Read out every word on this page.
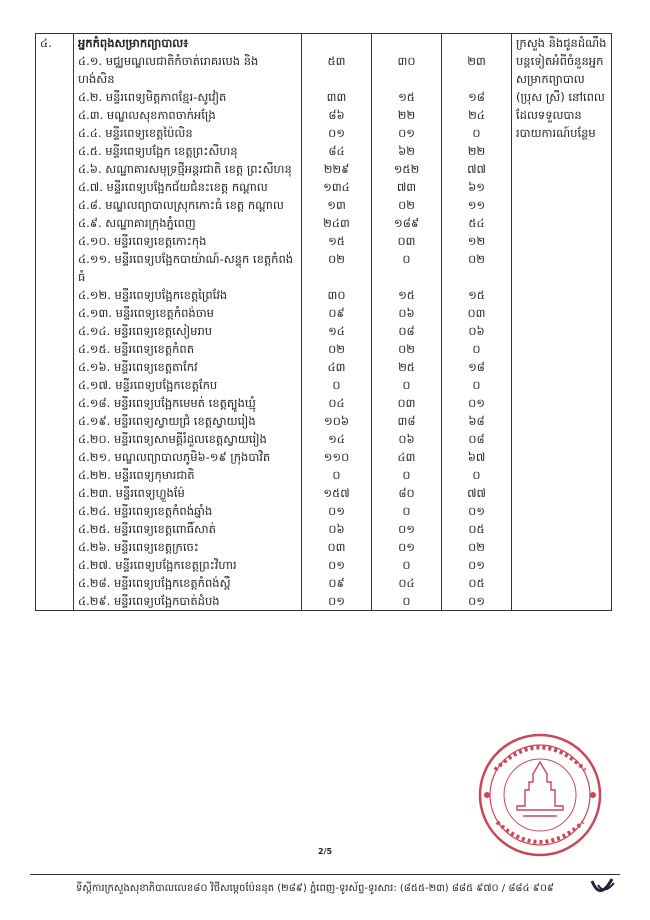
៤.	អ្នកកំពុងសម្រាកព្យាបាល៖				ក្រសួង និងជូនដំណឹងបន្តទៀតអំពីចំនួនអ្នកសម្រាកព្យាបាល (ប្រុស ស្រី) នៅពេលដែលទទួលបានរបាយការណ៍បន្ថែម

	៤.១. មជ្ឈមណ្ឌលជាតិកំចាត់រោគរបេង និង ហង់សិន	៥៣	៣០	២៣	

	៤.២. មន្ទីរពេទ្យមិត្តភាពខ្មែរ-សូវៀត	៣៣	១៥	១៨	

	៤.៣. មណ្ឌលសុខភាពចាក់អង្រែ	៨៦	២២	២៤	

	៤.៤. មន្ទីរពេទ្យខេត្តប៉ៃលិន	០១	០១	០	

	៤.៥. មន្ទីរពេទ្យបង្អែក ខេត្តព្រះសីហនុ	៨៤	៦២	២២	

	៤.៦. សណ្ឋាគារសមុទ្រថ្មីអន្តរជាតិ ខេត្ត ព្រះសីហនុ	២២៩	១៥២	៧៧	

	៤.៧. មន្ទីរពេទ្យបង្អែកជ័យជំនះខេត្ត កណ្ដាល	១៣៤	៧៣	៦១	

	៤.៨. មណ្ឌលព្យាបាលស្រុកកោះធំ ខេត្ត កណ្ដាល	១៣	០២	១១	

	៤.៩. សណ្ឋាគារក្រុងភ្នំពេញ	២៤៣	១៨៩	៥៤	

	៤.១០. មន្ទីរពេទ្យខេត្តកោះកុង	១៥	០៣	១២	

	៤.១១. មន្ទីរពេទ្យបង្អែកបាយ៉ាណ៍-សន្ទុក ខេត្តកំពង់ធំ	០២	០	០២	

	៤.១២. មន្ទីរពេទ្យបង្អែកខេត្តព្រៃវែង	៣០	១៥	១៥	

	៤.១៣. មន្ទីរពេទ្យខេត្តកំពង់ចាម	០៩	០៦	០៣	

	៤.១៤. មន្ទីរពេទ្យខេត្តសៀមរាប	១៤	០៨	០៦	

	៤.១៥. មន្ទីរពេទ្យខេត្តកំពត	០២	០២	០	

	៤.១៦. មន្ទីរពេទ្យខេត្តតាកែវ	៤៣	២៥	១៨	

	៤.១៧. មន្ទីរពេទ្យបង្អែកខេត្តកែប	០	០	០	

	៤.១៨. មន្ទីរពេទ្យបង្អែកមេមត់ ខេត្តត្បូងឃ្មុំ	០៤	០៣	០១	

	៤.១៩. មន្ទីរពេទ្យស្វាយជ្រំ ខេត្តស្វាយរៀង	១០៦	៣៨	៦៨	

	៤.២០. មន្ទីរពេទ្យសាមគ្គីរំដួលខេត្តស្វាយរៀង	១៤	០៦	០៨	

	៤.២១. មណ្ឌលព្យាបាលភូមិ៦-១៩ ក្រុងបាវិត	១១០	៤៣	៦៧	

	៤.២២. មន្ទីរពេទ្យកុមារជាតិ	០	០	០	

	៤.២៣. មន្ទីរពេទ្យហ្លួងម៉ែ	១៥៧	៨០	៧៧	

	៤.២៤. មន្ទីរពេទ្យខេត្តកំពង់ឆ្នាំង	០១	០	០១	

	៤.២៥. មន្ទីរពេទ្យខេត្តពោធិ៍សាត់	០៦	០១	០៥	

	៤.២៦. មន្ទីរពេទ្យខេត្តក្រចេះ	០៣	០១	០២	

	៤.២៧. មន្ទីរពេទ្យបង្អែកខេត្តព្រះវិហារ	០១	០	០១	

	៤.២៨. មន្ទីរពេទ្យបង្អែកខេត្តកំពង់ស្ពឺ	០៩	០៤	០៥	

	៤.២៩. មន្ទីរពេទ្យបង្អែកបាត់ដំបង	០១	០	០១	
2/5
ទីស្តីការក្រសួងសុខាភិបាលលេខ៨០ វិថីសម្តេចប៉ែននុត (២៨៩) ភ្នំពេញ-ទូរស័ព្ទ-ទូរសារ: (៨៥៥-២៣) ៨៨៥ ៩៧០ / ៨៨៤ ៩០៩
